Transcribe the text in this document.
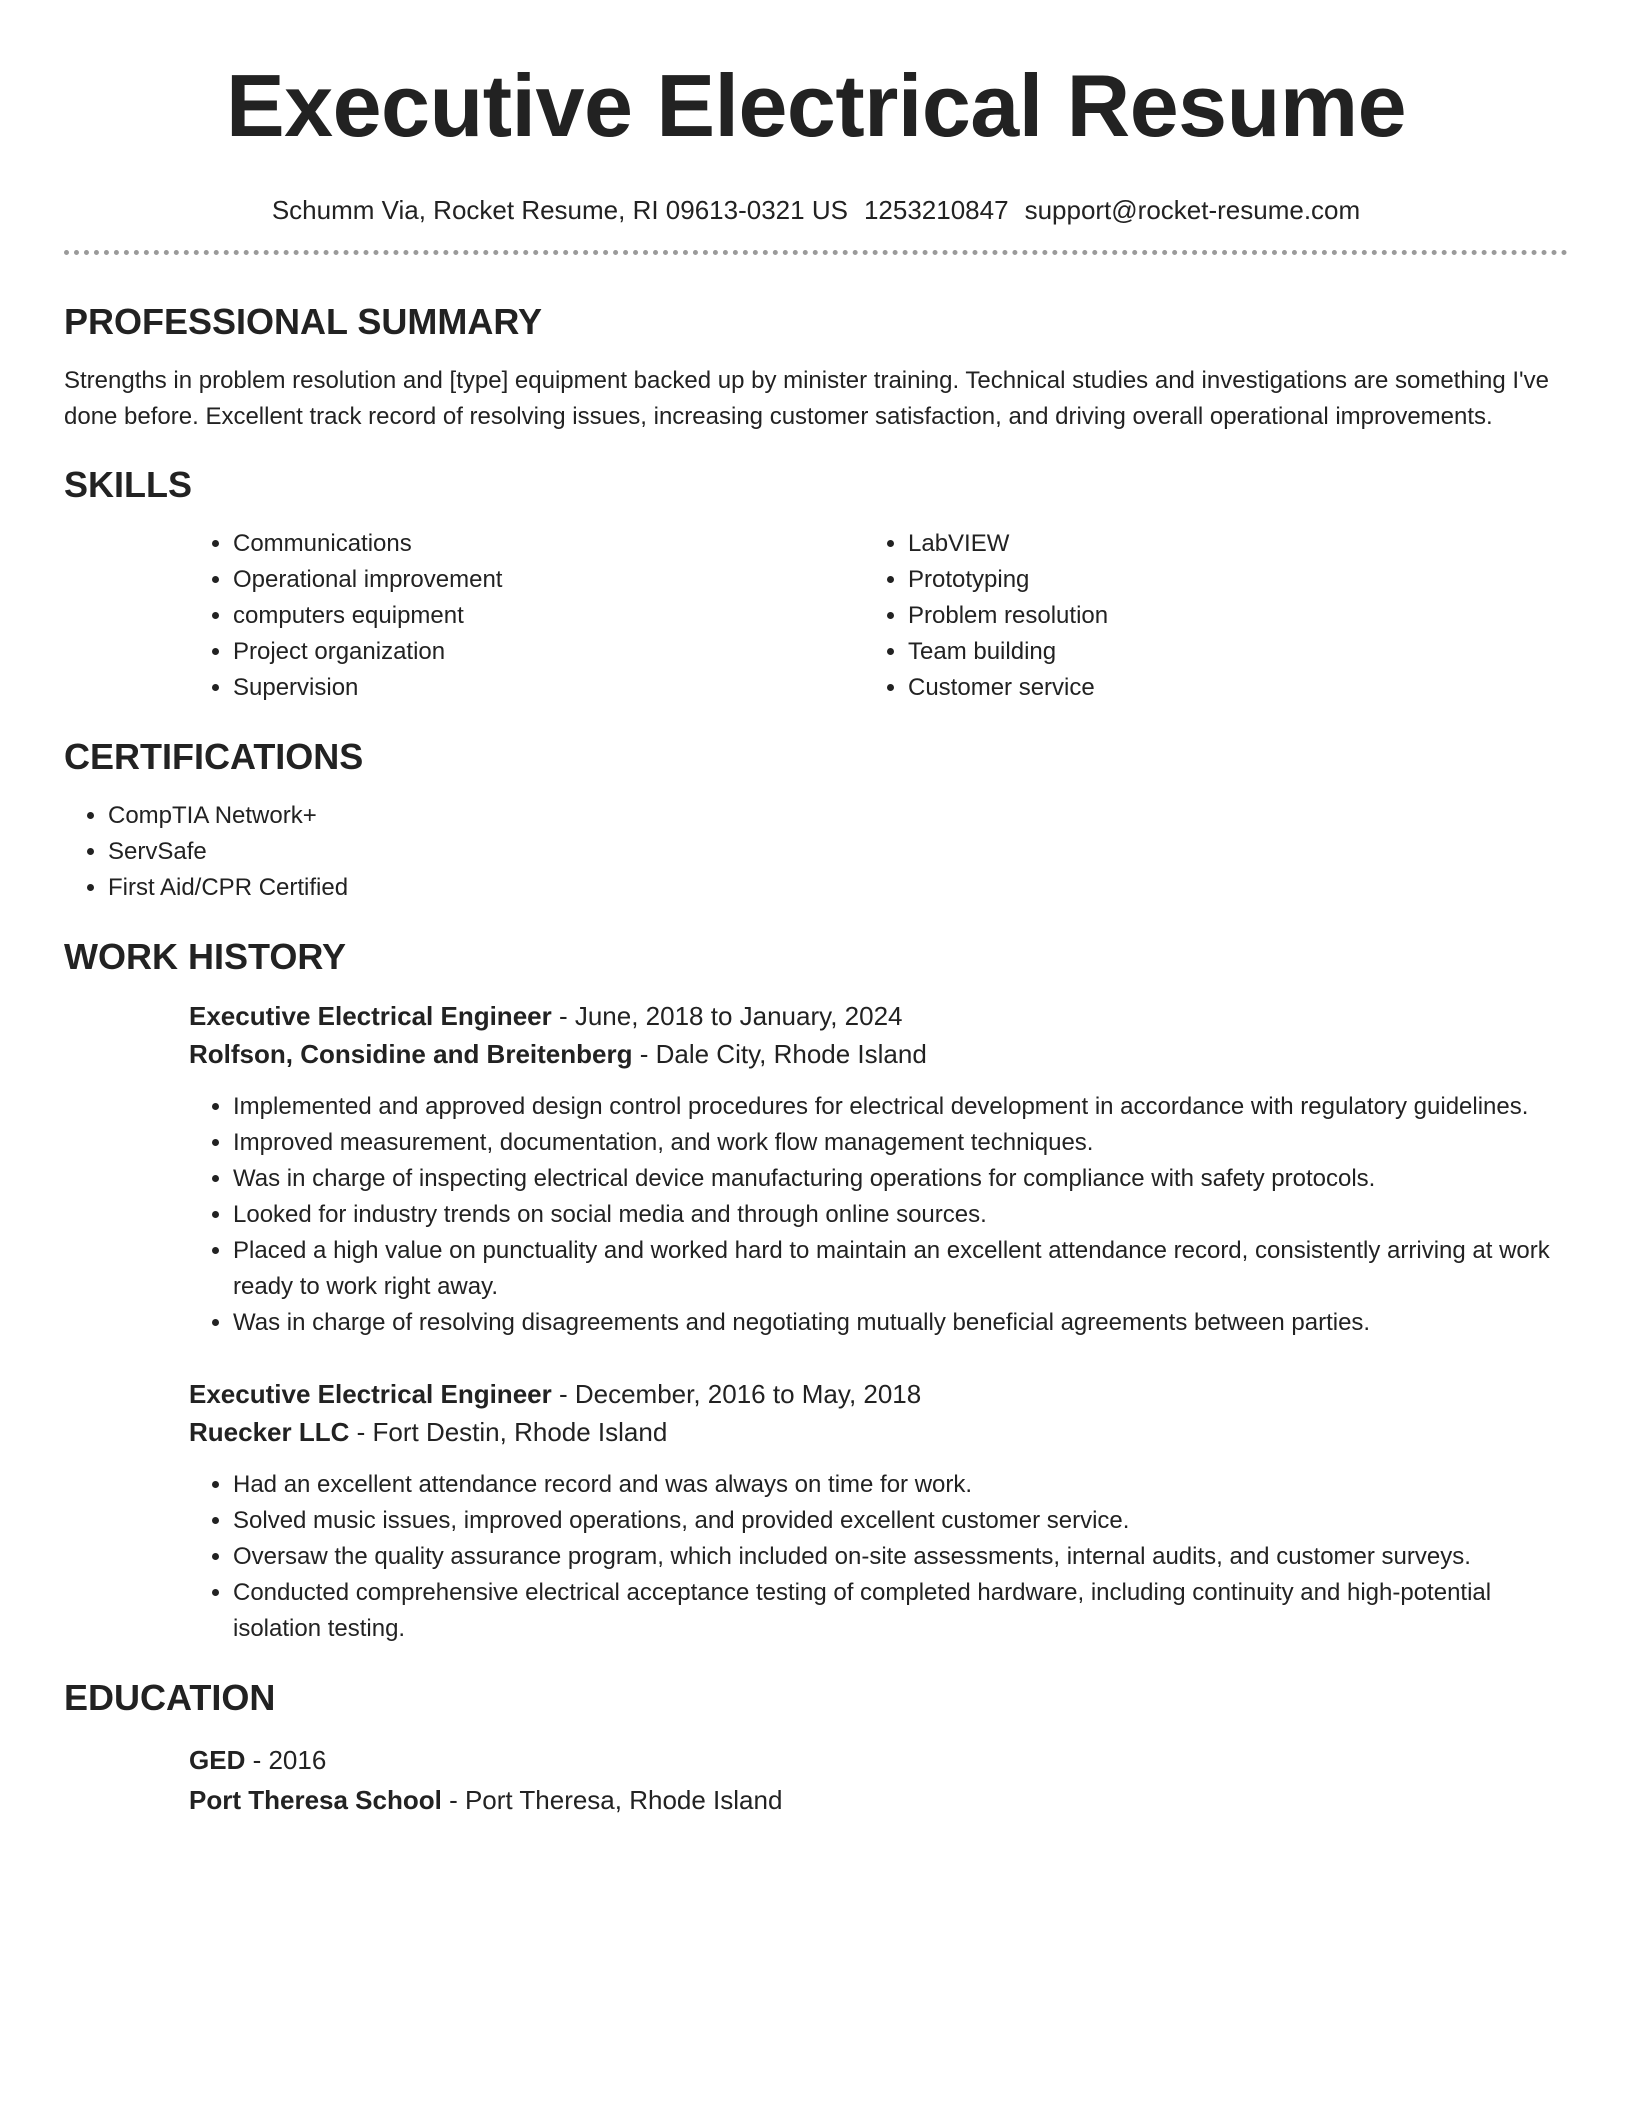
Executive Electrical Resume
Schumm Via, Rocket Resume, RI 09613-0321 US 1253210847 support@rocket-resume.com
PROFESSIONAL SUMMARY

Strengths in problem resolution and [type] equipment backed up by minister training. Technical studies and investigations are something I've done before. Excellent track record of resolving issues, increasing customer satisfaction, and driving overall operational improvements.

SKILLS
• Communications
• Operational improvement
• computers equipment
• Project organization
• Supervision
• LabVIEW
• Prototyping
• Problem resolution
• Team building
• Customer service
CERTIFICATIONS
• CompTIA Network+
• ServSafe
• First Aid/CPR Certified
WORK HISTORY
Executive Electrical Engineer - June, 2018 to January, 2024
Rolfson, Considine and Breitenberg - Dale City, Rhode Island
• Implemented and approved design control procedures for electrical development in accordance with regulatory guidelines.
• Improved measurement, documentation, and work flow management techniques.
• Was in charge of inspecting electrical device manufacturing operations for compliance with safety protocols.
• Looked for industry trends on social media and through online sources.
• Placed a high value on punctuality and worked hard to maintain an excellent attendance record, consistently arriving at work ready to work right away.
• Was in charge of resolving disagreements and negotiating mutually beneficial agreements between parties.
Executive Electrical Engineer - December, 2016 to May, 2018
Ruecker LLC - Fort Destin, Rhode Island
• Had an excellent attendance record and was always on time for work.
• Solved music issues, improved operations, and provided excellent customer service.
• Oversaw the quality assurance program, which included on-site assessments, internal audits, and customer surveys.
• Conducted comprehensive electrical acceptance testing of completed hardware, including continuity and high-potential isolation testing.
EDUCATION
GED - 2016
Port Theresa School - Port Theresa, Rhode Island
